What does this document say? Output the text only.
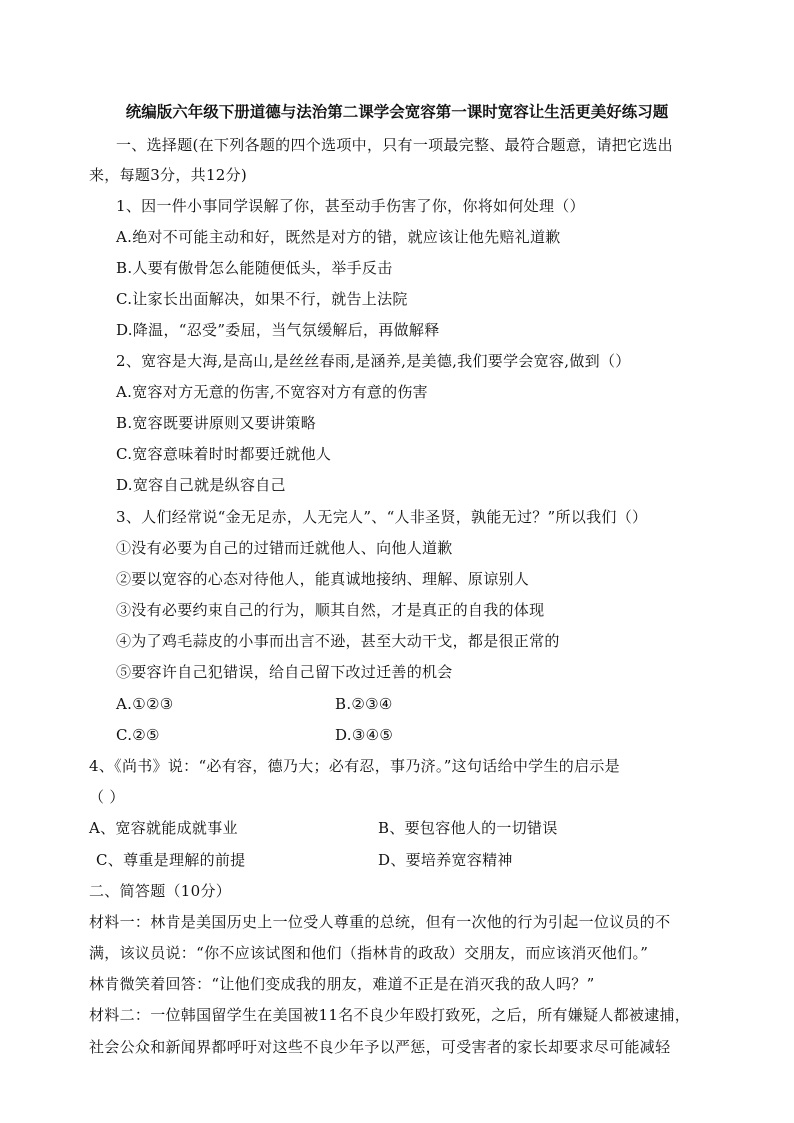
统编版六年级下册道德与法治第二课学会宽容第一课时宽容让生活更美好练习题
一、选择题(在下列各题的四个选项中，只有一项最完整、最符合题意，请把它选出
来，每题3分，共12分)
1、因一件小事同学误解了你，甚至动手伤害了你，你将如何处理（）
A.绝对不可能主动和好，既然是对方的错，就应该让他先赔礼道歉
B.人要有傲骨怎么能随便低头，举手反击
C.让家长出面解决，如果不行，就告上法院
D.降温，“忍受”委屈，当气氛缓解后，再做解释
2、宽容是大海,是高山,是丝丝春雨,是涵养,是美德,我们要学会宽容,做到（）
A.宽容对方无意的伤害,不宽容对方有意的伤害
B.宽容既要讲原则又要讲策略
C.宽容意味着时时都要迁就他人
D.宽容自己就是纵容自己
3、人们经常说“金无足赤，人无完人”、“人非圣贤，孰能无过？”所以我们（）
①没有必要为自己的过错而迁就他人、向他人道歉
②要以宽容的心态对待他人，能真诚地接纳、理解、原谅别人
③没有必要约束自己的行为，顺其自然，才是真正的自我的体现
④为了鸡毛蒜皮的小事而出言不逊，甚至大动干戈，都是很正常的
⑤要容许自己犯错误，给自己留下改过迁善的机会
A.①②③	B.②③④
C.②⑤	D.③④⑤
4、《尚书》说：“必有容，德乃大；必有忍，事乃济。”这句话给中学生的启示是
（ ）
A、宽容就能成就事业	B、要包容他人的一切错误
C、尊重是理解的前提	D、要培养宽容精神
二、简答题（10分）
材料一：林肯是美国历史上一位受人尊重的总统，但有一次他的行为引起一位议员的不
满，该议员说：“你不应该试图和他们（指林肯的政敌）交朋友，而应该消灭他们。”
林肯微笑着回答：“让他们变成我的朋友，难道不正是在消灭我的敌人吗？”
材料二：一位韩国留学生在美国被11名不良少年殴打致死，之后，所有嫌疑人都被逮捕，
社会公众和新闻界都呼吁对这些不良少年予以严惩，可受害者的家长却要求尽可能减轻
